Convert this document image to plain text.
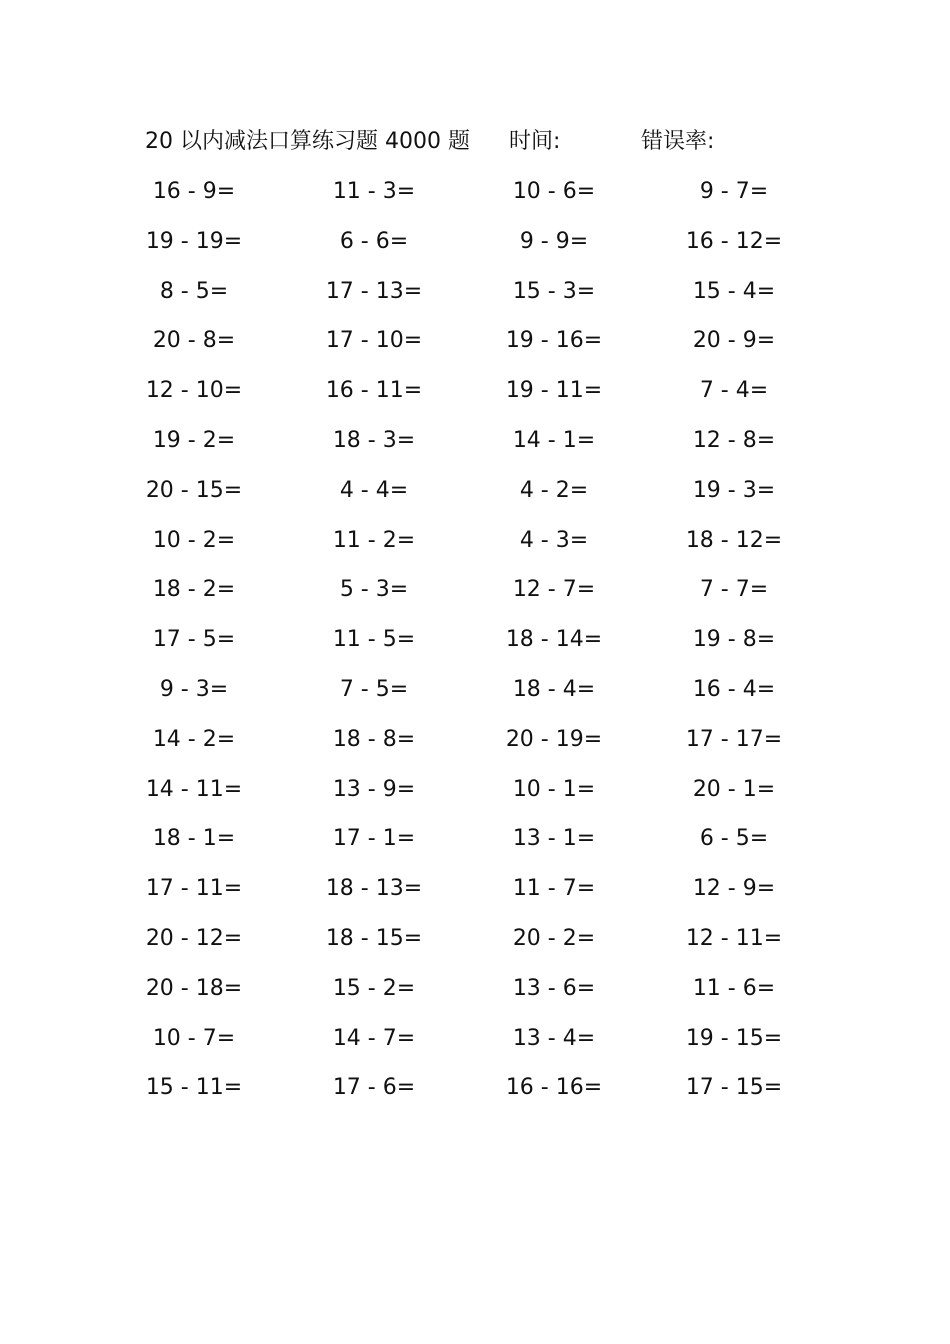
20 以内减法口算练习题 4000 题 时间:	错误率:
16 - 9=	11 - 3=	10 - 6=	9 - 7=
19 - 19=	6 - 6=	9 - 9=	16 - 12=
8 - 5=	17 - 13=	15 - 3=	15 - 4=
20 - 8=	17 - 10=	19 - 16=	20 - 9=
12 - 10=	16 - 11=	19 - 11=	7 - 4=
19 - 2=	18 - 3=	14 - 1=	12 - 8=
20 - 15=	4 - 4=	4 - 2=	19 - 3=
10 - 2=	11 - 2=	4 - 3=	18 - 12=
18 - 2=	5 - 3=	12 - 7=	7 - 7=
17 - 5=	11 - 5=	18 - 14=	19 - 8=
9 - 3=	7 - 5=	18 - 4=	16 - 4=
14 - 2=	18 - 8=	20 - 19=	17 - 17=
14 - 11=	13 - 9=	10 - 1=	20 - 1=
18 - 1=	17 - 1=	13 - 1=	6 - 5=
17 - 11=	18 - 13=	11 - 7=	12 - 9=
20 - 12=	18 - 15=	20 - 2=	12 - 11=
20 - 18=	15 - 2=	13 - 6=	11 - 6=
10 - 7=	14 - 7=	13 - 4=	19 - 15=
15 - 11=	17 - 6=	16 - 16=	17 - 15=
